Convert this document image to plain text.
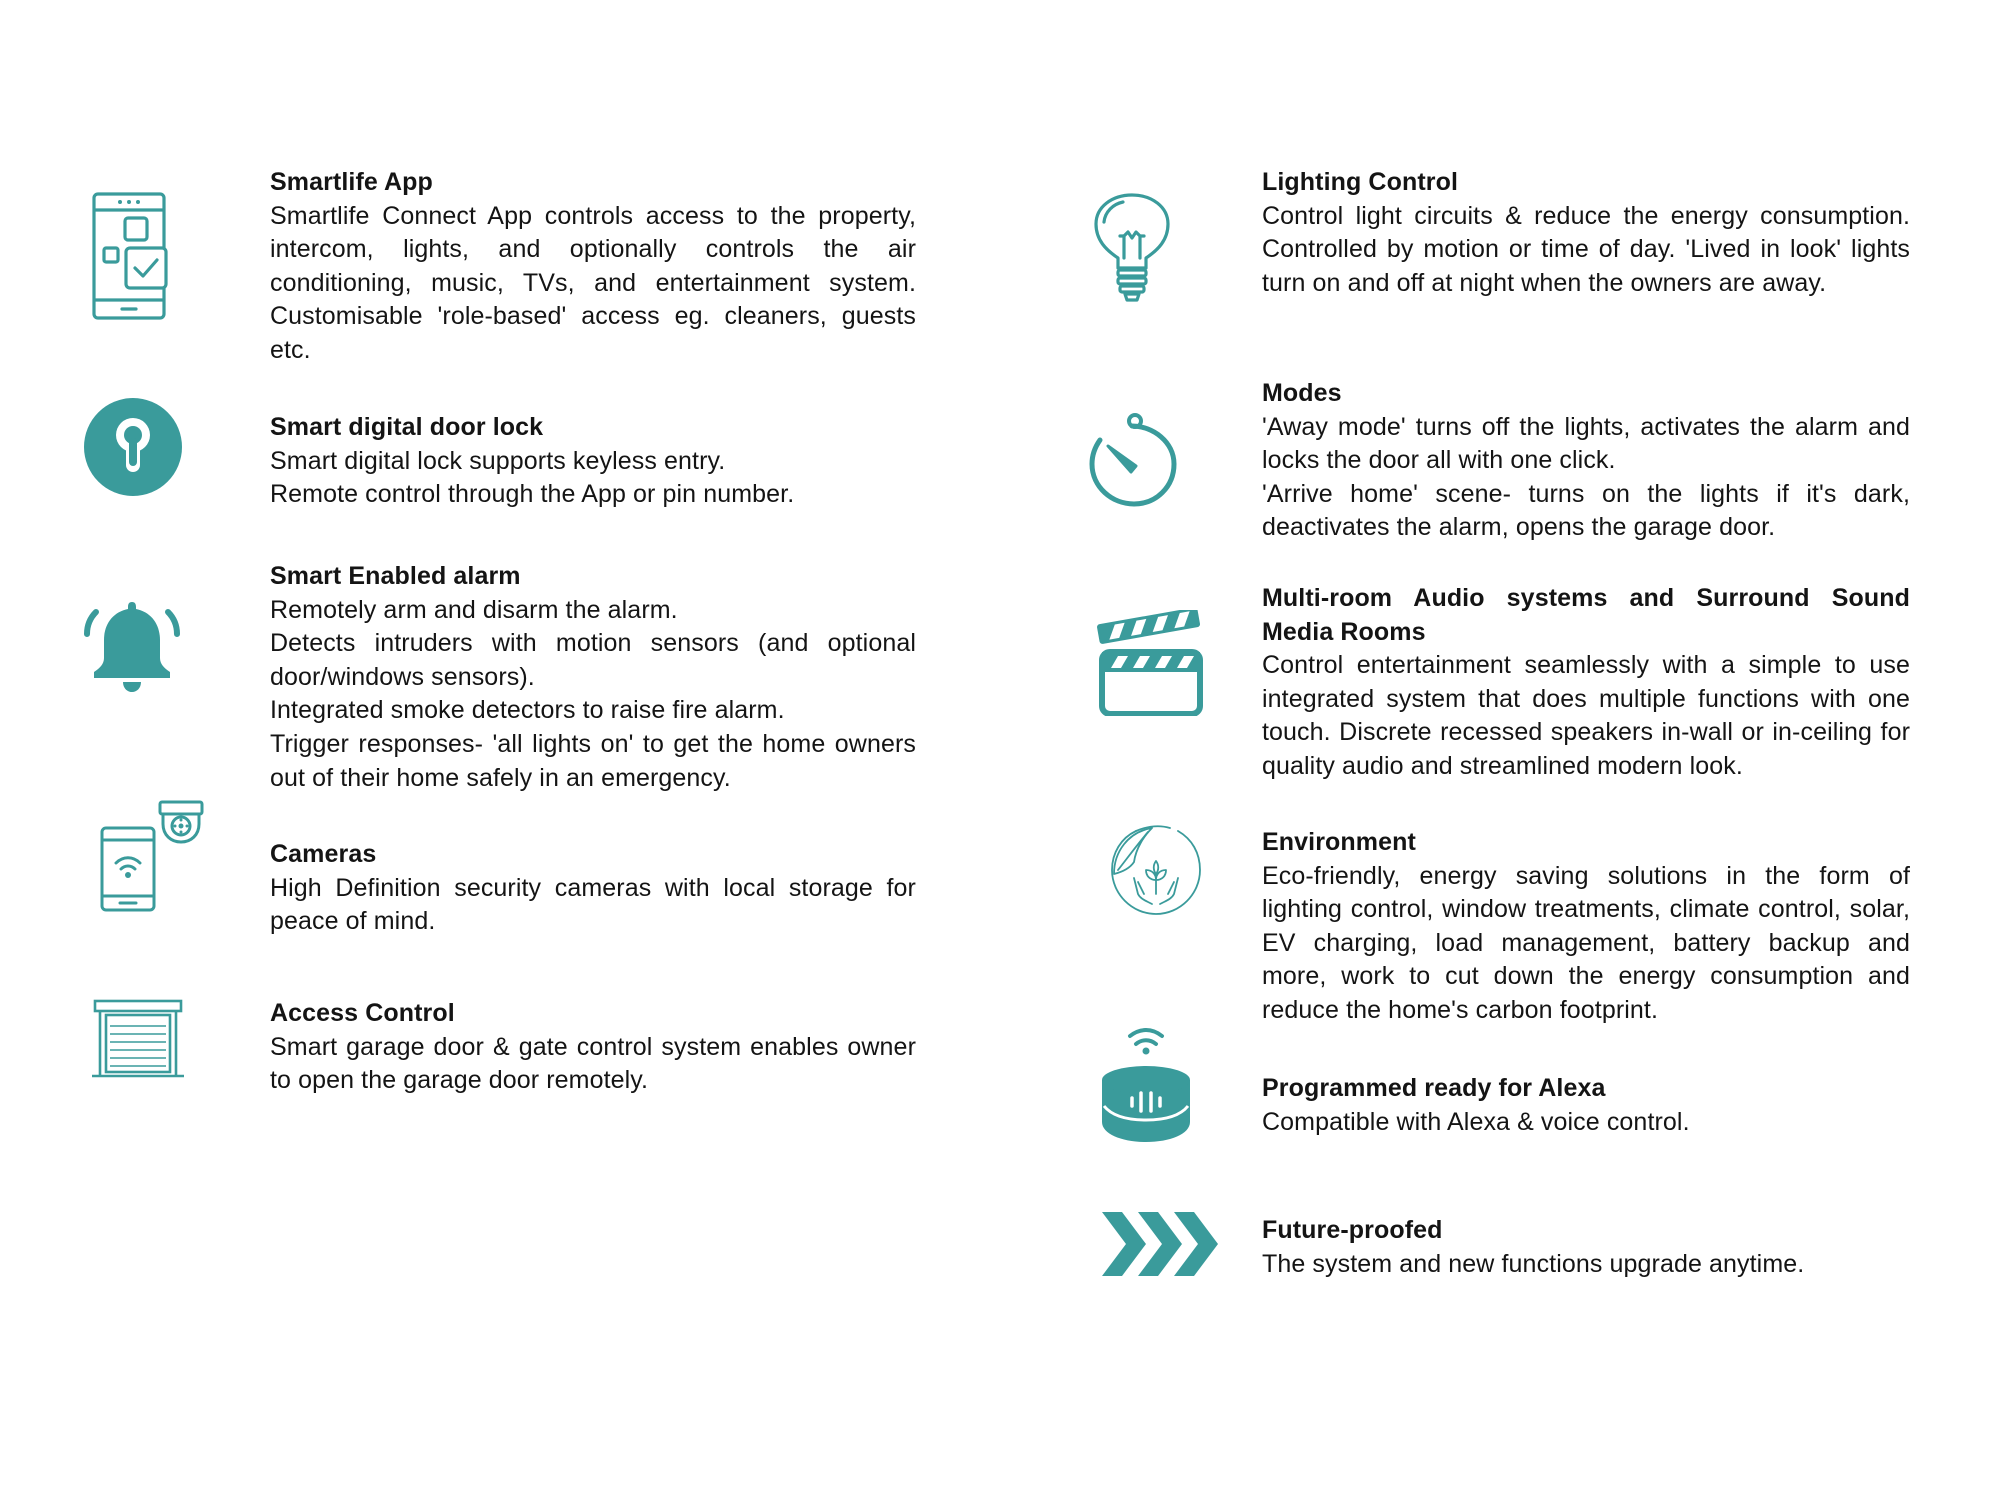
Smartlife App
Smartlife Connect App controls access to the property, intercom, lights, and optionally controls the air conditioning, music, TVs, and entertainment system. Customisable 'role-based' access eg. cleaners, guests etc.
Smart digital door lock
Smart digital lock supports keyless entry.
Remote control through the App or pin number.
Smart Enabled alarm
Remotely arm and disarm the alarm.
Detects intruders with motion sensors (and optional door/windows sensors).
Integrated smoke detectors to raise fire alarm.
Trigger responses- 'all lights on' to get the home owners out of their home safely in an emergency.
Cameras
High Definition security cameras with local storage for peace of mind.
Access Control
Smart garage door & gate control system enables owner to open the garage door remotely.
Lighting Control
Control light circuits & reduce the energy consumption. Controlled by motion or time of day. 'Lived in look' lights turn on and off at night when the owners are away.
Modes
'Away mode' turns off the lights, activates the alarm and locks the door all with one click.
'Arrive home' scene- turns on the lights if it's dark, deactivates the alarm, opens the garage door.
Multi-room Audio systems and Surround Sound Media Rooms
Control entertainment seamlessly with a simple to use integrated system that does multiple functions with one touch. Discrete recessed speakers in-wall or in-ceiling for quality audio and streamlined modern look.
Environment
Eco-friendly, energy saving solutions in the form of lighting control, window treatments, climate control, solar, EV charging, load management, battery backup and more, work to cut down the energy consumption and reduce the home's carbon footprint.
Programmed ready for Alexa
Compatible with Alexa & voice control.
Future-proofed
The system and new functions upgrade anytime.
